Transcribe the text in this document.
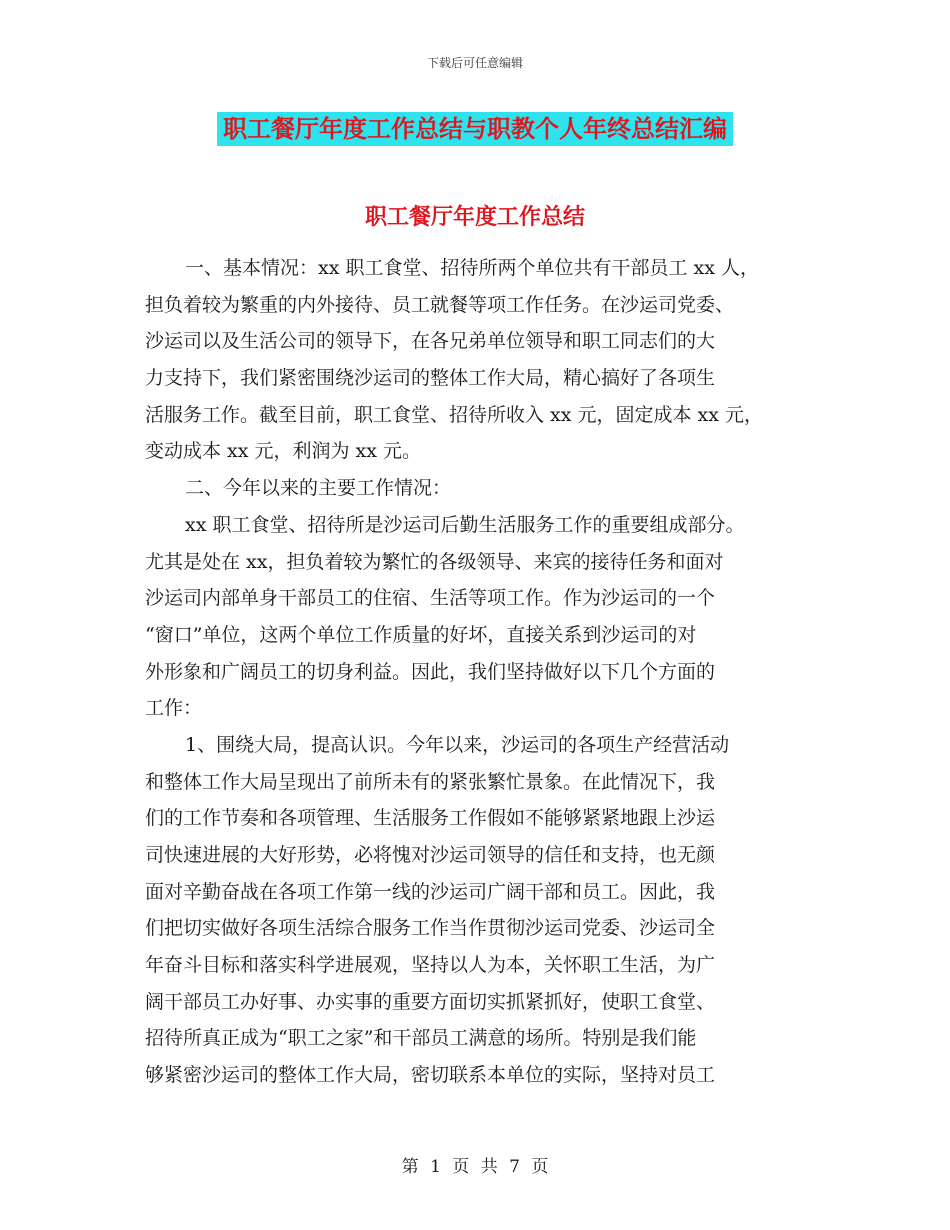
下载后可任意编辑
职工餐厅年度工作总结与职教个人年终总结汇编
职工餐厅年度工作总结
一、基本情况：xx 职工食堂、招待所两个单位共有干部员工 xx 人，
担负着较为繁重的内外接待、员工就餐等项工作任务。在沙运司党委、
沙运司以及生活公司的领导下，在各兄弟单位领导和职工同志们的大
力支持下，我们紧密围绕沙运司的整体工作大局，精心搞好了各项生
活服务工作。截至目前，职工食堂、招待所收入 xx 元，固定成本 xx 元，
变动成本 xx 元，利润为 xx 元。
二、今年以来的主要工作情况：
xx 职工食堂、招待所是沙运司后勤生活服务工作的重要组成部分。
尤其是处在 xx，担负着较为繁忙的各级领导、来宾的接待任务和面对
沙运司内部单身干部员工的住宿、生活等项工作。作为沙运司的一个
“窗口”单位，这两个单位工作质量的好坏，直接关系到沙运司的对
外形象和广阔员工的切身利益。因此，我们坚持做好以下几个方面的
工作：
1、围绕大局，提高认识。今年以来，沙运司的各项生产经营活动
和整体工作大局呈现出了前所未有的紧张繁忙景象。在此情况下，我
们的工作节奏和各项管理、生活服务工作假如不能够紧紧地跟上沙运
司快速进展的大好形势，必将愧对沙运司领导的信任和支持，也无颜
面对辛勤奋战在各项工作第一线的沙运司广阔干部和员工。因此，我
们把切实做好各项生活综合服务工作当作贯彻沙运司党委、沙运司全
年奋斗目标和落实科学进展观，坚持以人为本，关怀职工生活，为广
阔干部员工办好事、办实事的重要方面切实抓紧抓好，使职工食堂、
招待所真正成为“职工之家”和干部员工满意的场所。特别是我们能
够紧密沙运司的整体工作大局，密切联系本单位的实际，坚持对员工
第 1 页 共 7 页
